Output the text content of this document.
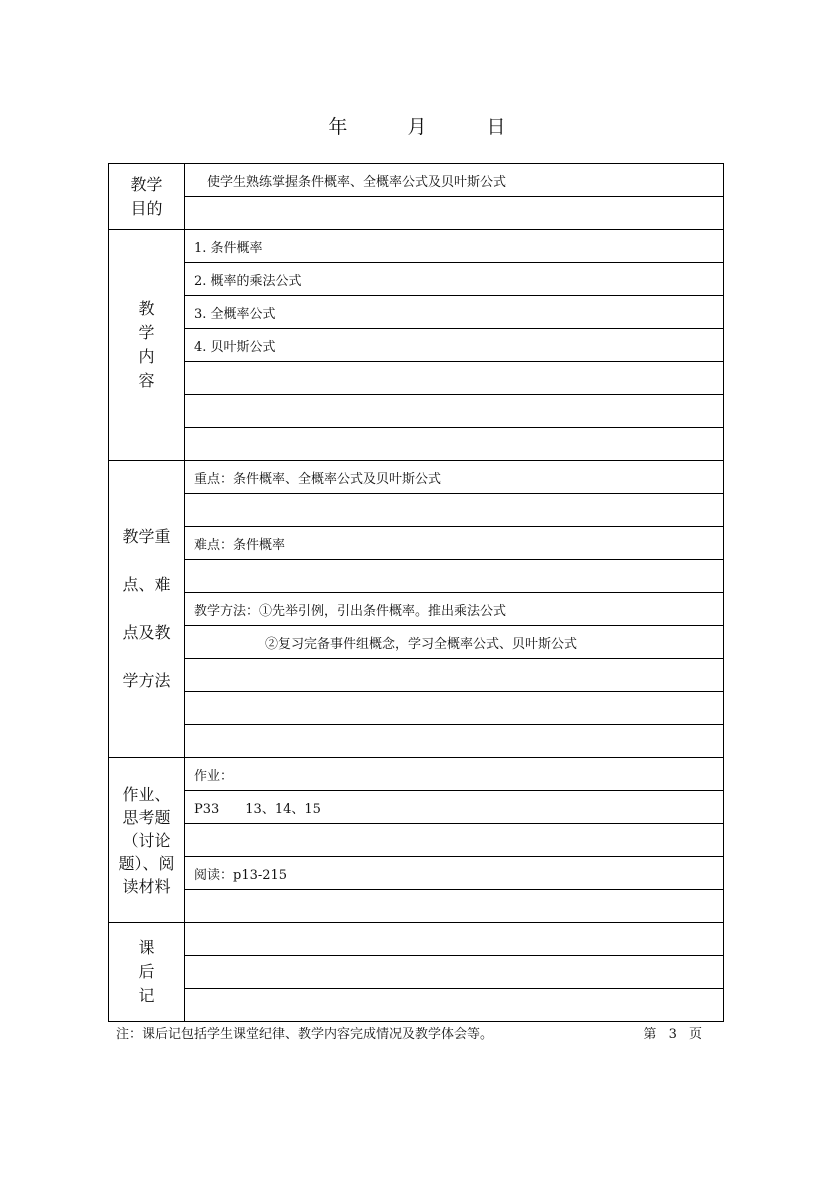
年	月	日
教学
目的	使学生熟练掌握条件概率、全概率公式及贝叶斯公式

教
学
内
容	1. 条件概率
	2. 概率的乘法公式
	3. 全概率公式
	4. 贝叶斯公式

教学重
点、难
点及教
学方法	重点：条件概率、全概率公式及贝叶斯公式

	难点：条件概率

	教学方法：①先举引例，引出条件概率。推出乘法公式
	②复习完备事件组概念，学习全概率公式、贝叶斯公式

作业、
思考题
（讨论
题）、阅
读材料	作业：
	P33　　13、14、15

	阅读：p13-215

课
后
记	

注：课后记包括学生课堂纪律、教学内容完成情况及教学体会等。	第 3 页
